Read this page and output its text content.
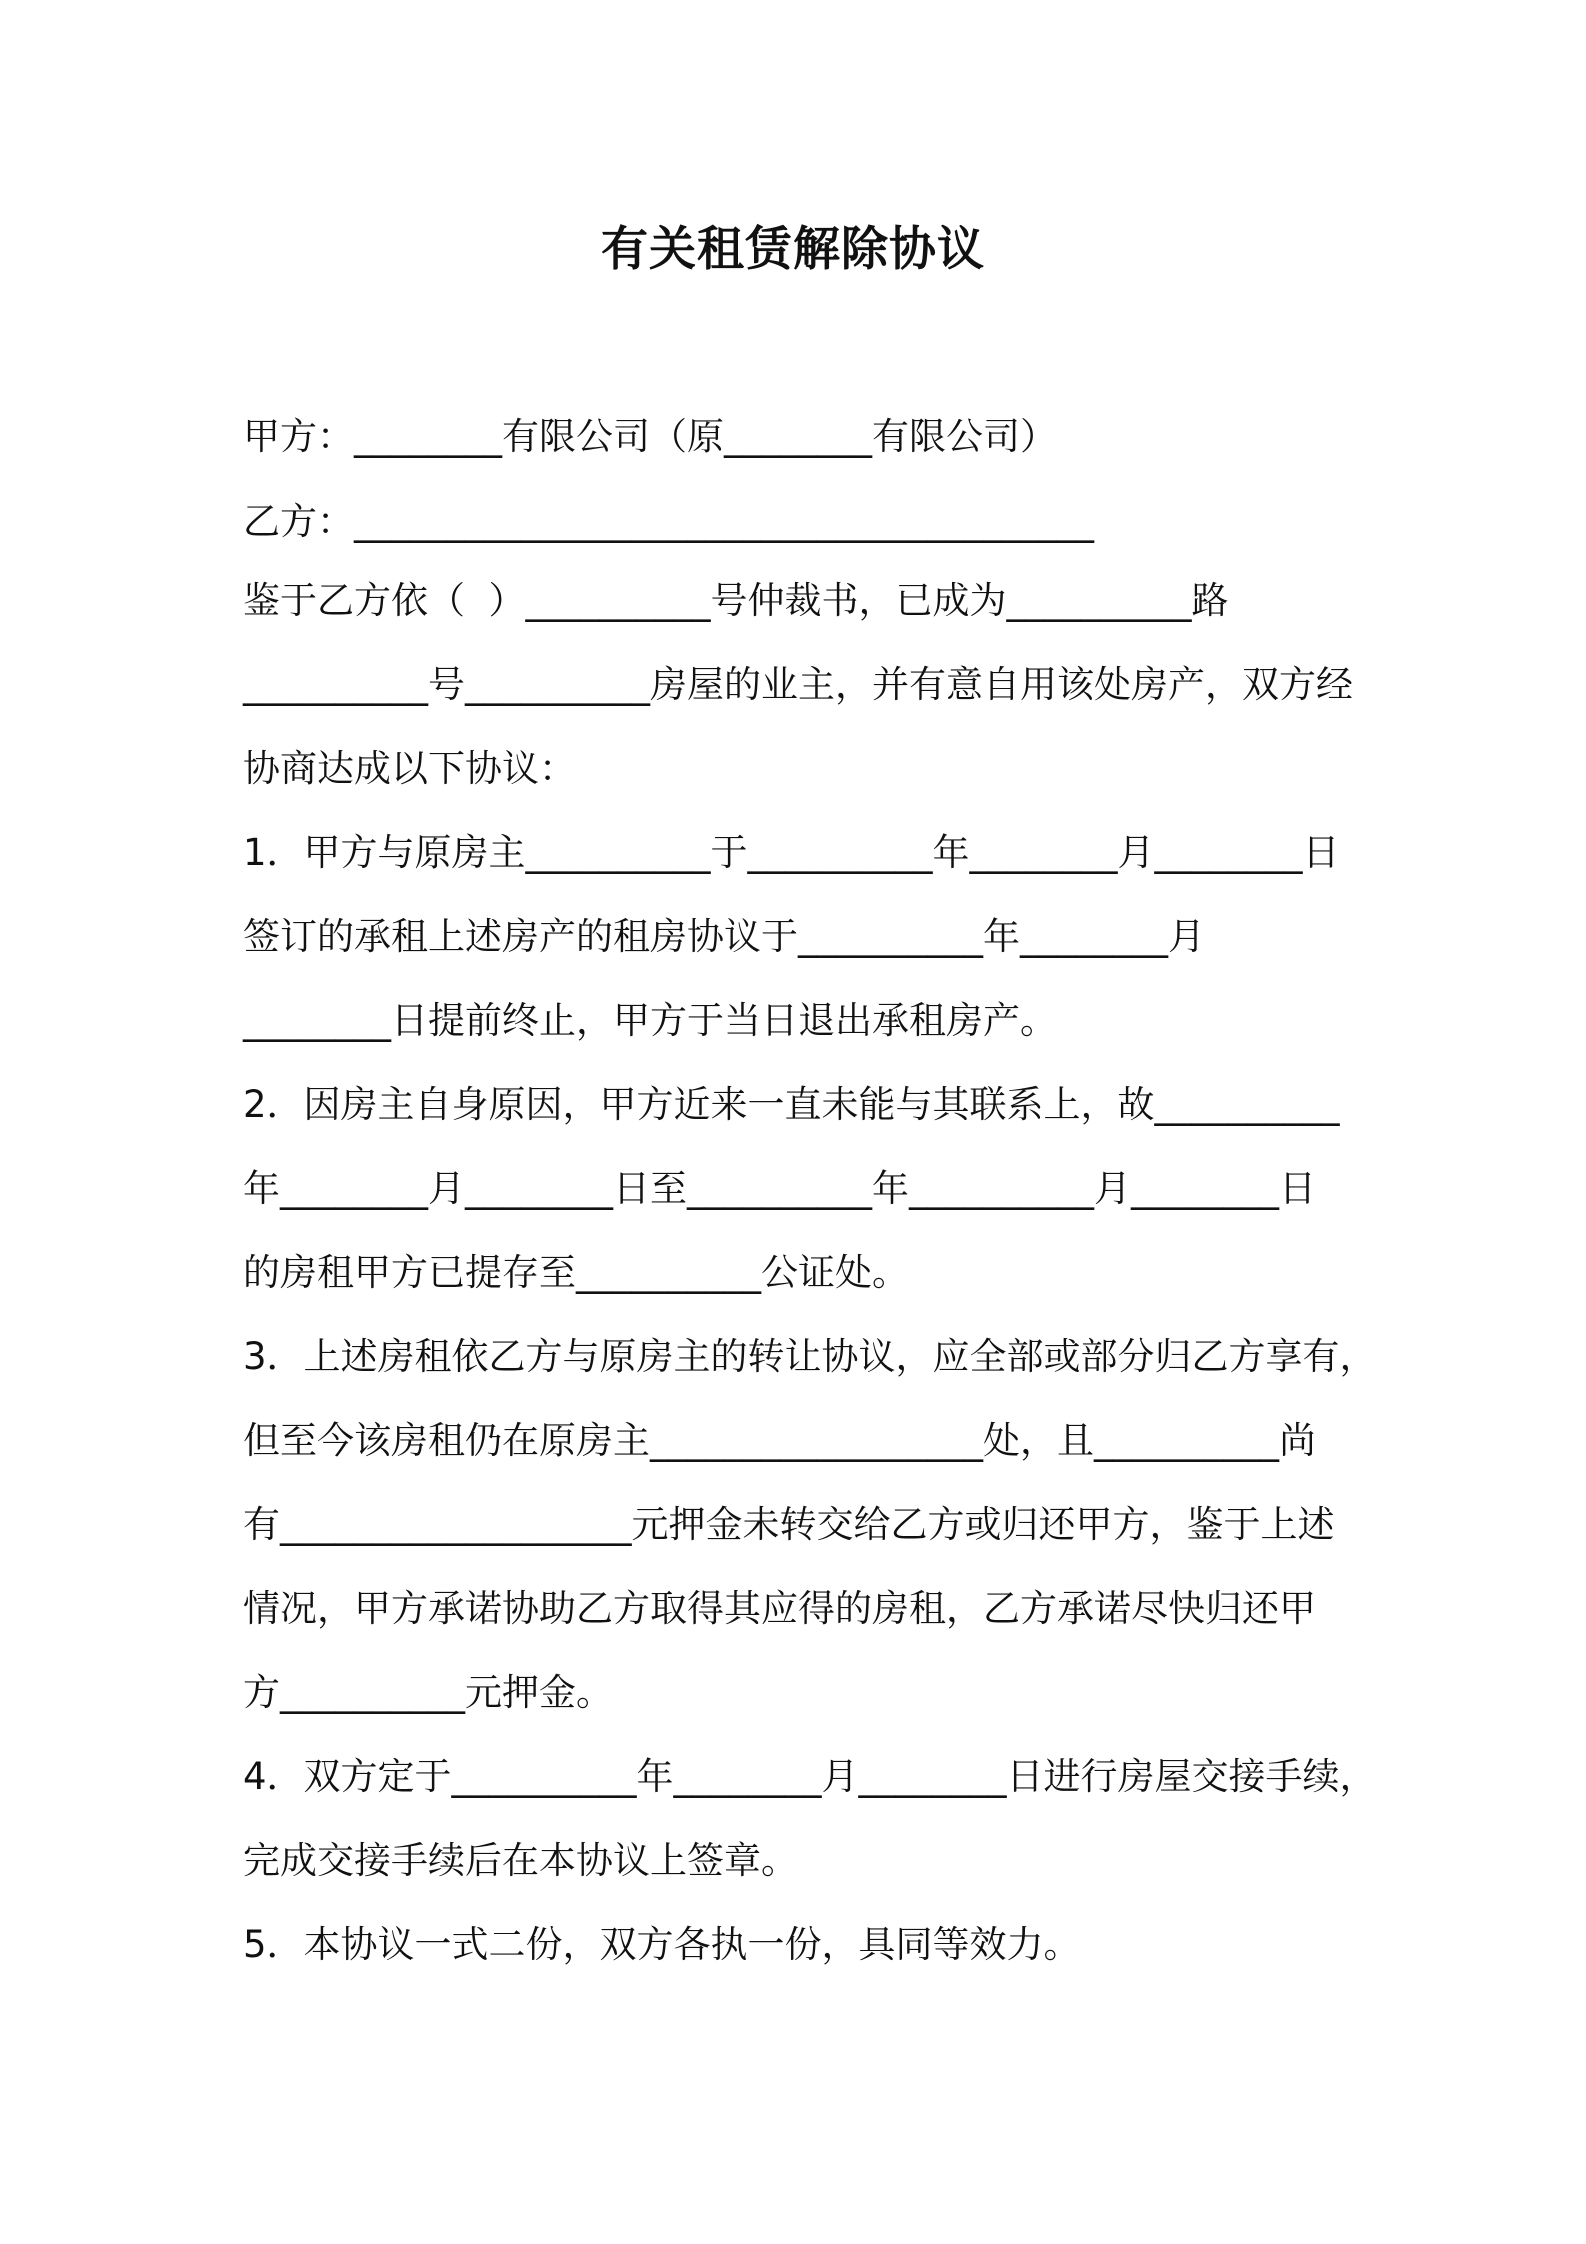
有关租赁解除协议
甲方：________有限公司（原________有限公司）
乙方：________________________________________
鉴于乙方依（  ）__________号仲裁书，已成为__________路
__________号__________房屋的业主，并有意自用该处房产，双方经
协商达成以下协议：
1．甲方与原房主__________于__________年________月________日
签订的承租上述房产的租房协议于__________年________月
________日提前终止，甲方于当日退出承租房产。
2．因房主自身原因，甲方近来一直未能与其联系上，故__________
年________月________日至__________年__________月________日
的房租甲方已提存至__________公证处。
3．上述房租依乙方与原房主的转让协议，应全部或部分归乙方享有，
但至今该房租仍在原房主__________________处，且__________尚
有___________________元押金未转交给乙方或归还甲方，鉴于上述
情况，甲方承诺协助乙方取得其应得的房租，乙方承诺尽快归还甲
方__________元押金。
4．双方定于__________年________月________日进行房屋交接手续，
完成交接手续后在本协议上签章。
5．本协议一式二份，双方各执一份，具同等效力。
